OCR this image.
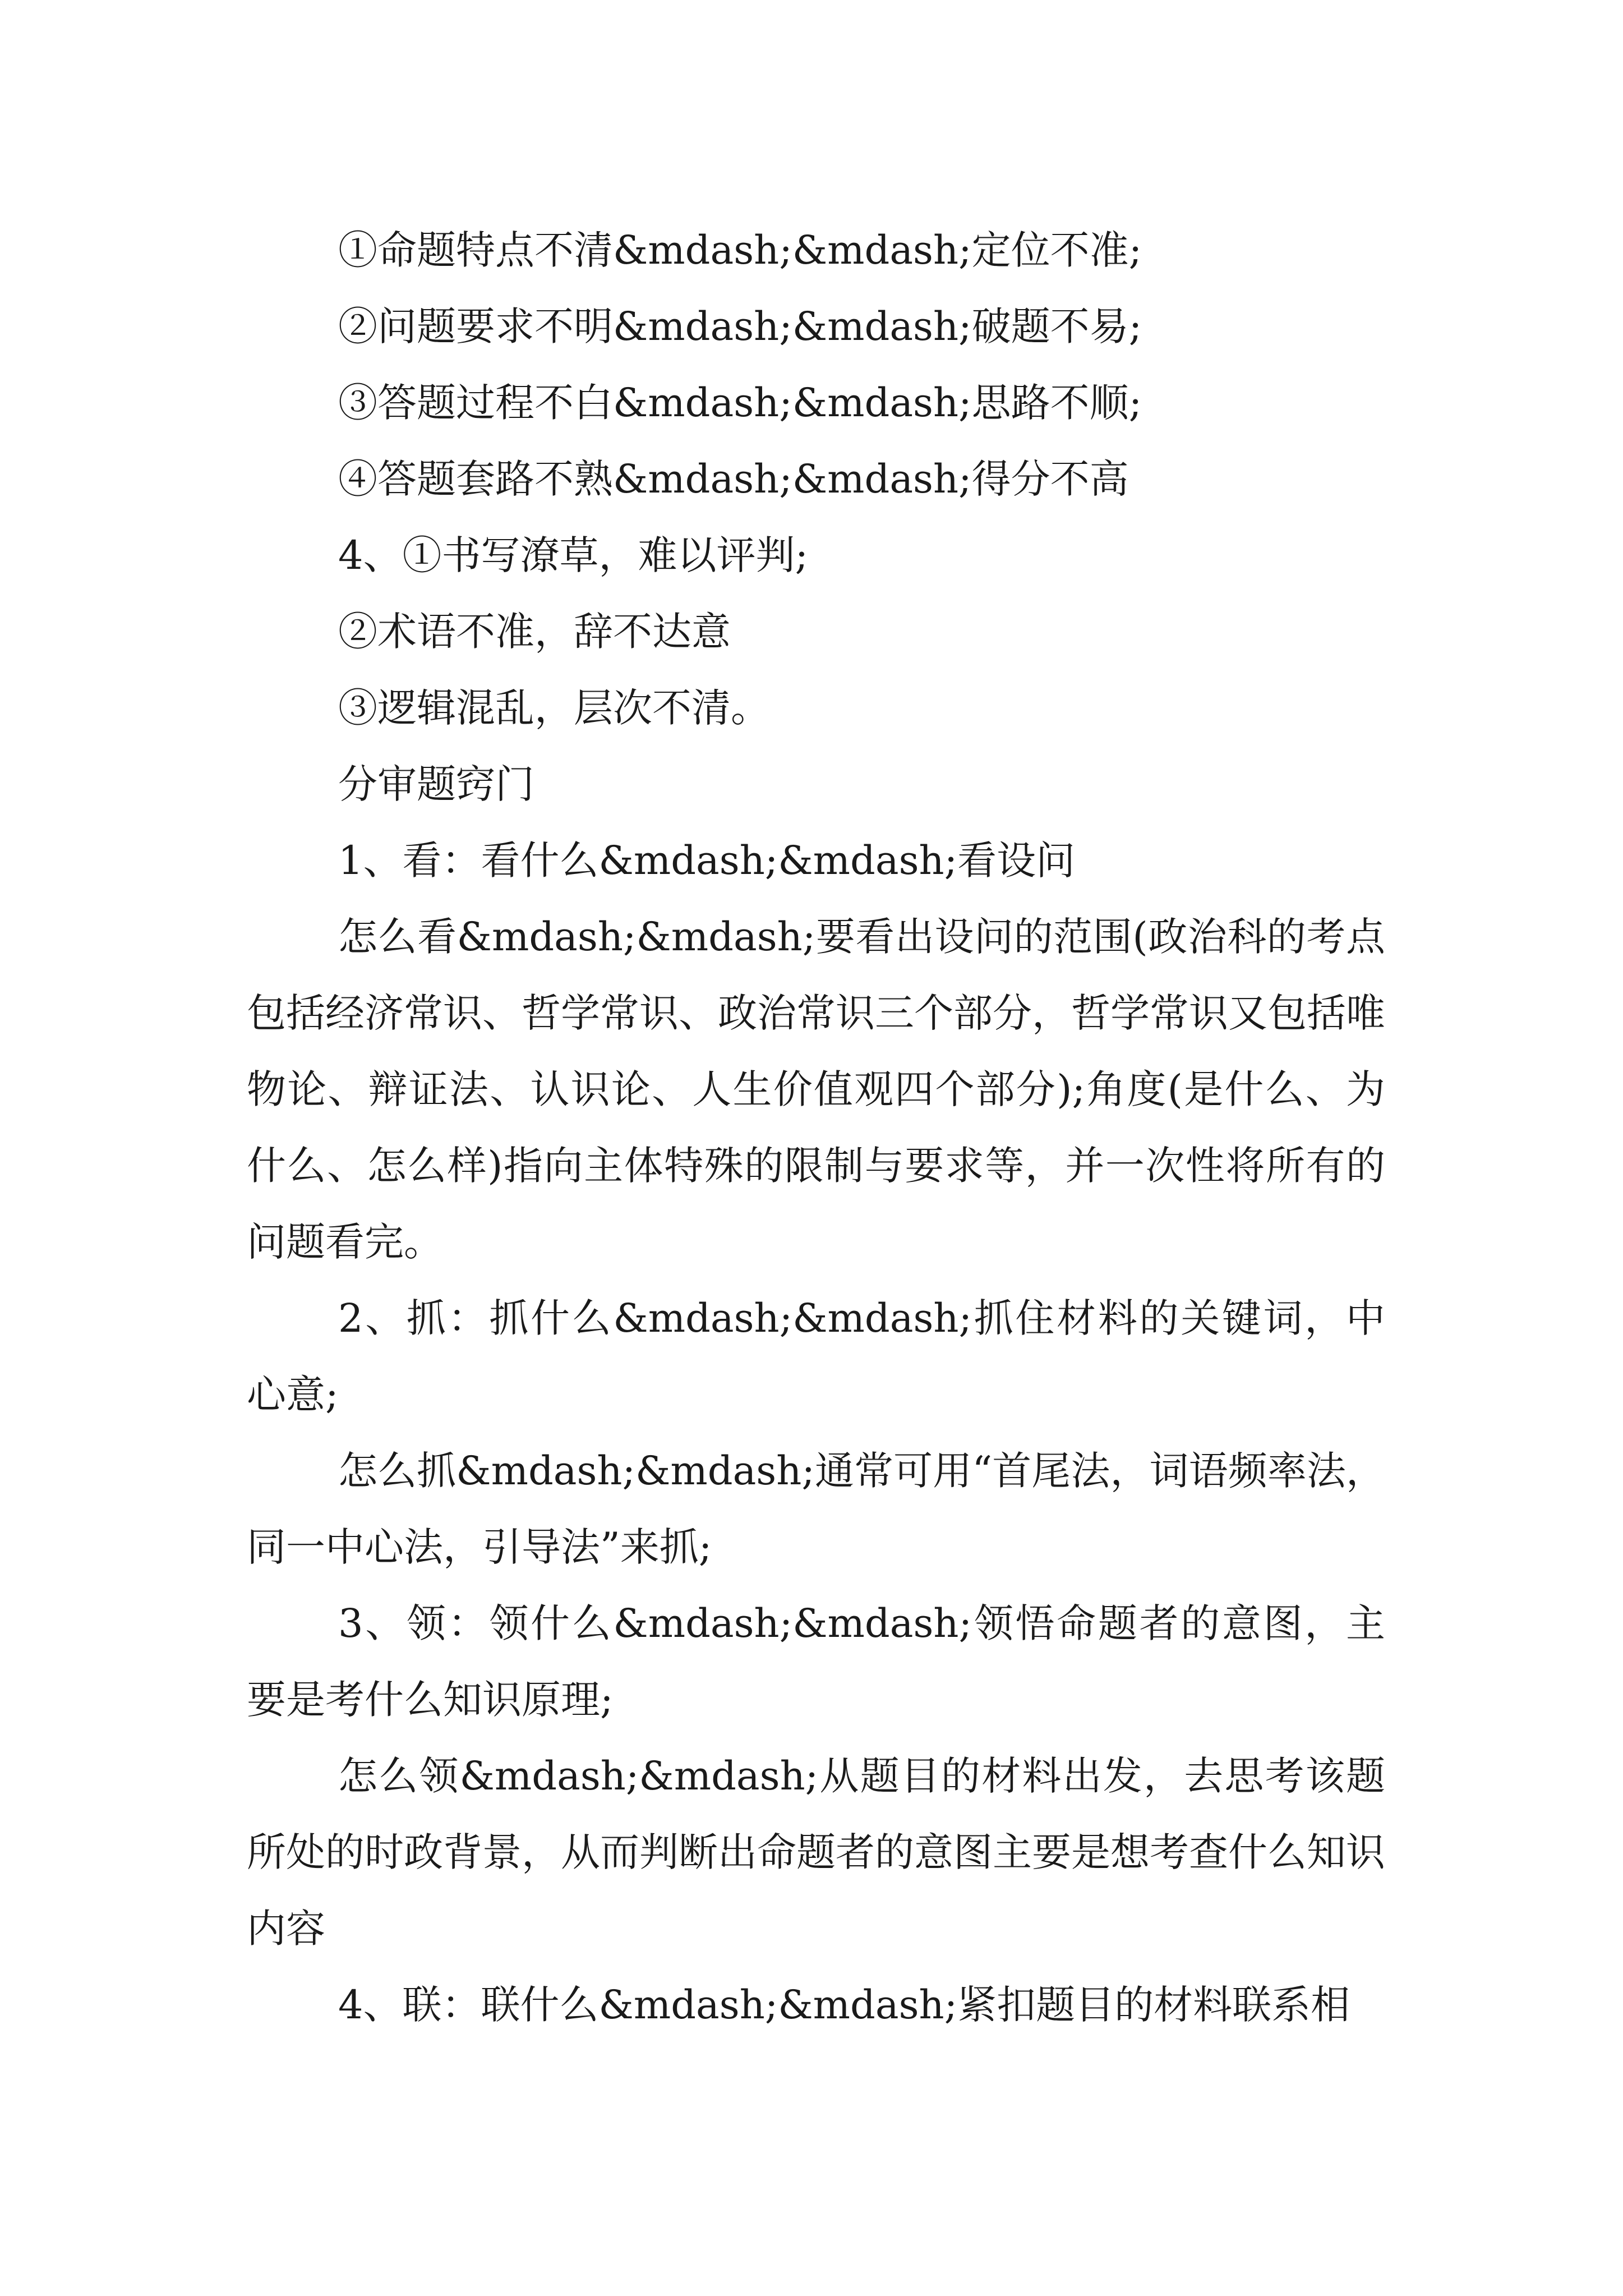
①命题特点不清&mdash;&mdash;定位不准;

②问题要求不明&mdash;&mdash;破题不易;

③答题过程不白&mdash;&mdash;思路不顺;

④答题套路不熟&mdash;&mdash;得分不高

4、①书写潦草，难以评判;

②术语不准，辞不达意

③逻辑混乱，层次不清。

分审题窍门

1、看：看什么&mdash;&mdash;看设问

怎么看&mdash;&mdash;要看出设问的范围(政治科的考点包括经济常识、哲学常识、政治常识三个部分，哲学常识又包括唯物论、辩证法、认识论、人生价值观四个部分);角度(是什么、为什么、怎么样)指向主体特殊的限制与要求等，并一次性将所有的问题看完。

2、抓：抓什么&mdash;&mdash;抓住材料的关键词，中心意;

怎么抓&mdash;&mdash;通常可用“首尾法，词语频率法，同一中心法，引导法”来抓;

3、领：领什么&mdash;&mdash;领悟命题者的意图，主要是考什么知识原理;

怎么领&mdash;&mdash;从题目的材料出发，去思考该题所处的时政背景，从而判断出命题者的意图主要是想考查什么知识内容

4、联：联什么&mdash;&mdash;紧扣题目的材料联系相
